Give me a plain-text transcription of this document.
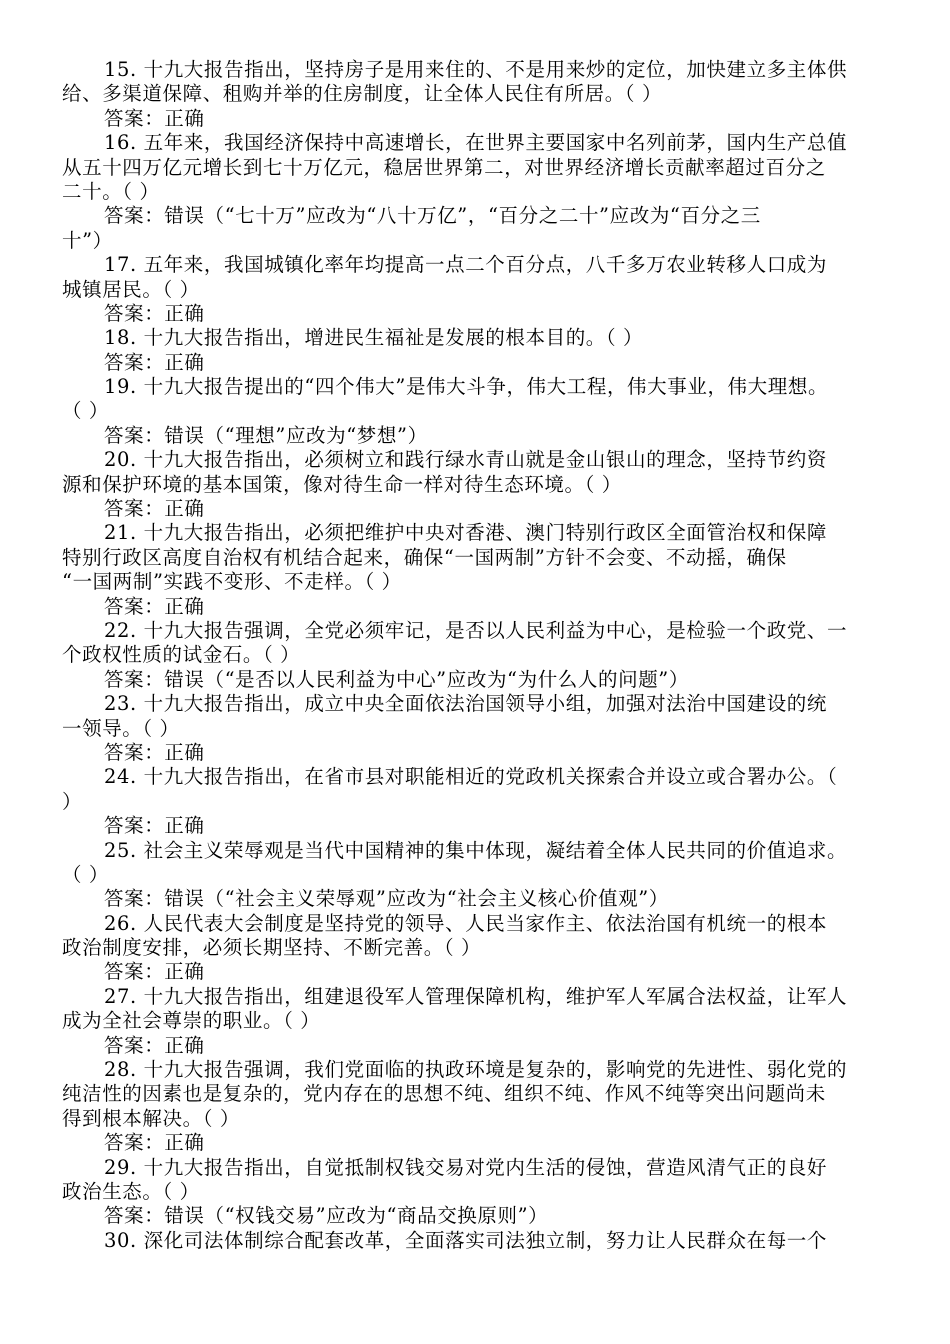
15. 十九大报告指出，坚持房子是用来住的、不是用来炒的定位，加快建立多主体供
给、多渠道保障、租购并举的住房制度，让全体人民住有所居。（ ）
答案：正确
16. 五年来，我国经济保持中高速增长，在世界主要国家中名列前茅，国内生产总值
从五十四万亿元增长到七十万亿元，稳居世界第二，对世界经济增长贡献率超过百分之
二十。（ ）
答案：错误（“七十万”应改为“八十万亿”，“百分之二十”应改为“百分之三
十”）
17. 五年来，我国城镇化率年均提高一点二个百分点，八千多万农业转移人口成为
城镇居民。（ ）
答案：正确
18. 十九大报告指出，增进民生福祉是发展的根本目的。（ ）
答案：正确
19. 十九大报告提出的“四个伟大”是伟大斗争，伟大工程，伟大事业，伟大理想。
（ ）
答案：错误（“理想”应改为“梦想”）
20. 十九大报告指出，必须树立和践行绿水青山就是金山银山的理念，坚持节约资
源和保护环境的基本国策，像对待生命一样对待生态环境。（ ）
答案：正确
21. 十九大报告指出，必须把维护中央对香港、澳门特别行政区全面管治权和保障
特别行政区高度自治权有机结合起来，确保“一国两制”方针不会变、不动摇，确保
“一国两制”实践不变形、不走样。（ ）
答案：正确
22. 十九大报告强调，全党必须牢记，是否以人民利益为中心，是检验一个政党、一
个政权性质的试金石。（ ）
答案：错误（“是否以人民利益为中心”应改为“为什么人的问题”）
23. 十九大报告指出，成立中央全面依法治国领导小组，加强对法治中国建设的统
一领导。（ ）
答案：正确
24. 十九大报告指出，在省市县对职能相近的党政机关探索合并设立或合署办公。（
）
答案：正确
25. 社会主义荣辱观是当代中国精神的集中体现，凝结着全体人民共同的价值追求。
（ ）
答案：错误（“社会主义荣辱观”应改为“社会主义核心价值观”）
26. 人民代表大会制度是坚持党的领导、人民当家作主、依法治国有机统一的根本
政治制度安排，必须长期坚持、不断完善。（ ）
答案：正确
27. 十九大报告指出，组建退役军人管理保障机构，维护军人军属合法权益，让军人
成为全社会尊崇的职业。（ ）
答案：正确
28. 十九大报告强调，我们党面临的执政环境是复杂的，影响党的先进性、弱化党的
纯洁性的因素也是复杂的，党内存在的思想不纯、组织不纯、作风不纯等突出问题尚未
得到根本解决。（ ）
答案：正确
29. 十九大报告指出，自觉抵制权钱交易对党内生活的侵蚀，营造风清气正的良好
政治生态。（ ）
答案：错误（“权钱交易”应改为“商品交换原则”）
30. 深化司法体制综合配套改革，全面落实司法独立制，努力让人民群众在每一个
